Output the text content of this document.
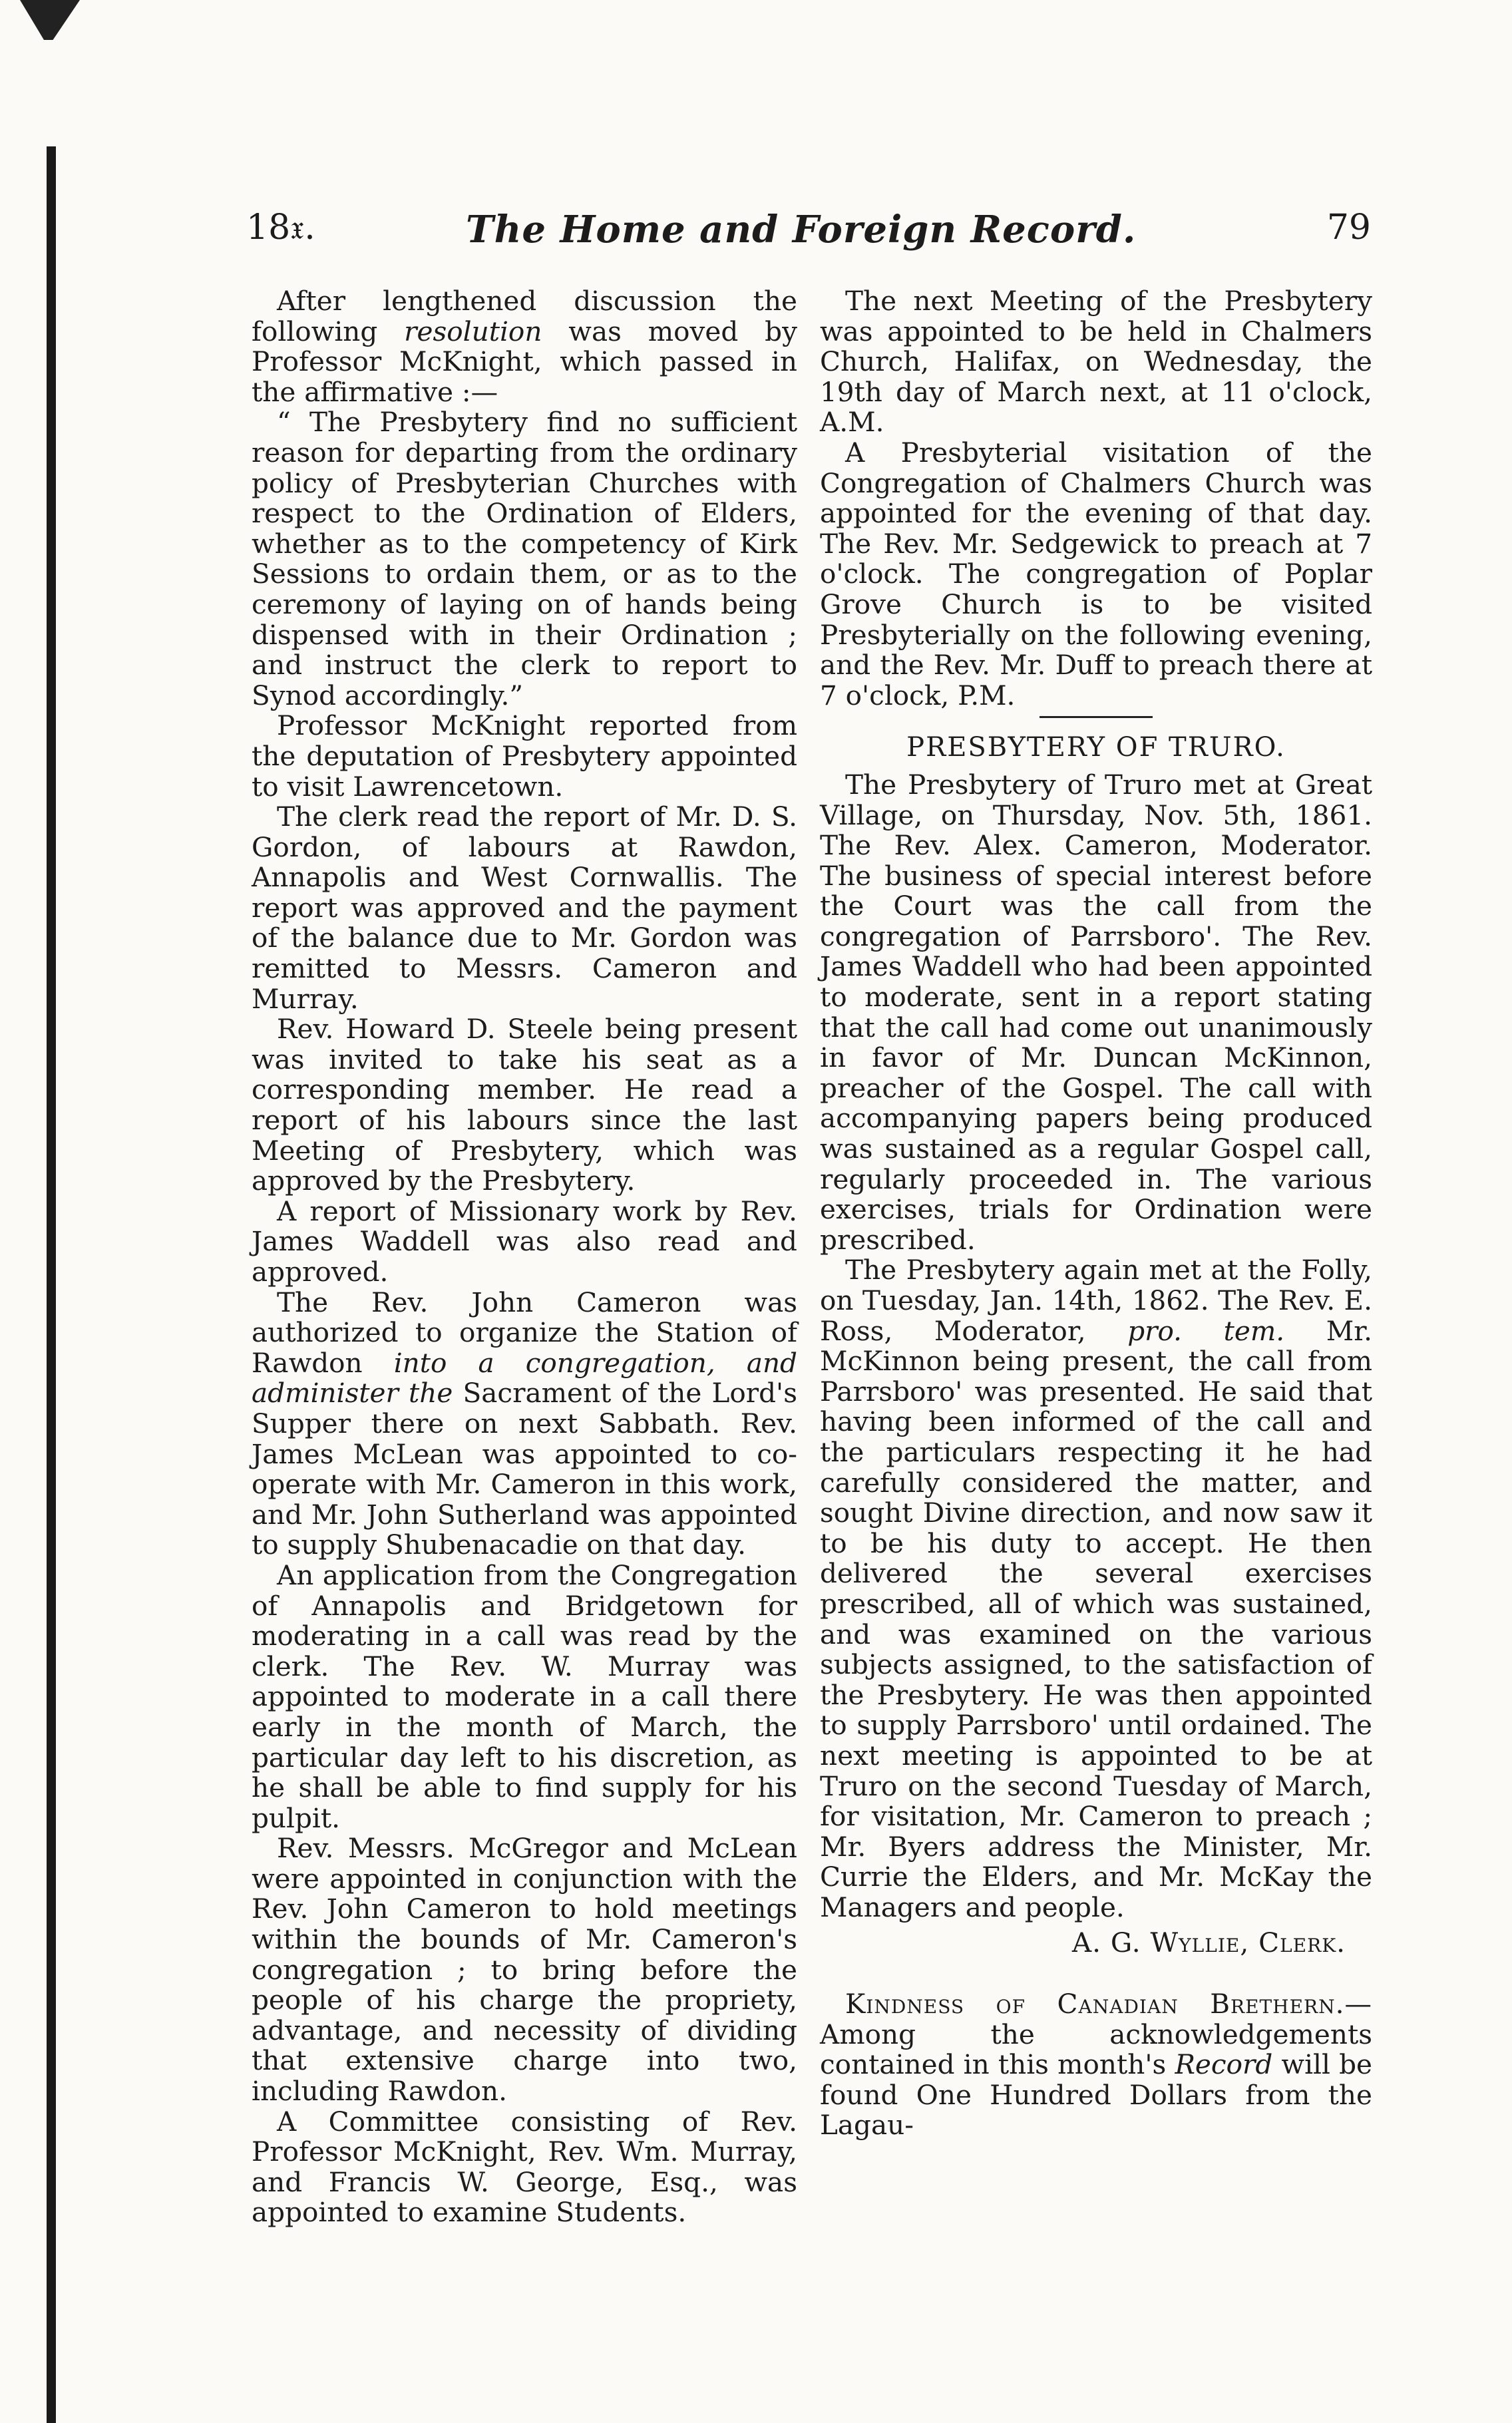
18𝔵.	The Home and Foreign Record.	79

After lengthened discussion the following resolution was moved by Professor McKnight, which passed in the affirmative :—

“ The Presbytery find no sufficient reason for departing from the ordinary policy of Presbyterian Churches with respect to the Ordination of Elders, whether as to the competency of Kirk Sessions to ordain them, or as to the ceremony of laying on of hands being dispensed with in their Ordination ; and instruct the clerk to report to Synod accordingly.”

Professor McKnight reported from the deputation of Presbytery appointed to visit Lawrencetown.

The clerk read the report of Mr. D. S. Gordon, of labours at Rawdon, Annapolis and West Cornwallis. The report was approved and the payment of the balance due to Mr. Gordon was remitted to Messrs. Cameron and Murray.

Rev. Howard D. Steele being present was invited to take his seat as a corresponding member. He read a report of his labours since the last Meeting of Presbytery, which was approved by the Presbytery.

A report of Missionary work by Rev. James Waddell was also read and approved.

The Rev. John Cameron was authorized to organize the Station of Rawdon into a congregation, and administer the Sacrament of the Lord's Supper there on next Sabbath. Rev. James McLean was appointed to co-operate with Mr. Cameron in this work, and Mr. John Sutherland was appointed to supply Shubenacadie on that day.

An application from the Congregation of Annapolis and Bridgetown for moderating in a call was read by the clerk. The Rev. W. Murray was appointed to moderate in a call there early in the month of March, the particular day left to his discretion, as he shall be able to find supply for his pulpit.

Rev. Messrs. McGregor and McLean were appointed in conjunction with the Rev. John Cameron to hold meetings within the bounds of Mr. Cameron's congregation ; to bring before the people of his charge the propriety, advantage, and necessity of dividing that extensive charge into two, including Rawdon.

A Committee consisting of Rev. Professor McKnight, Rev. Wm. Murray, and Francis W. George, Esq., was appointed to examine Students.

The next Meeting of the Presbytery was appointed to be held in Chalmers Church, Halifax, on Wednesday, the 19th day of March next, at 11 o'clock, A.M.

A Presbyterial visitation of the Congregation of Chalmers Church was appointed for the evening of that day. The Rev. Mr. Sedgewick to preach at 7 o'clock. The congregation of Poplar Grove Church is to be visited Presbyterially on the following evening, and the Rev. Mr. Duff to preach there at 7 o'clock, P.M.

PRESBYTERY OF TRURO.

The Presbytery of Truro met at Great Village, on Thursday, Nov. 5th, 1861. The Rev. Alex. Cameron, Moderator. The business of special interest before the Court was the call from the congregation of Parrsboro'. The Rev. James Waddell who had been appointed to moderate, sent in a report stating that the call had come out unanimously in favor of Mr. Duncan McKinnon, preacher of the Gospel. The call with accompanying papers being produced was sustained as a regular Gospel call, regularly proceeded in. The various exercises, trials for Ordination were prescribed.

The Presbytery again met at the Folly, on Tuesday, Jan. 14th, 1862. The Rev. E. Ross, Moderator, pro. tem. Mr. McKinnon being present, the call from Parrsboro' was presented. He said that having been informed of the call and the particulars respecting it he had carefully considered the matter, and sought Divine direction, and now saw it to be his duty to accept. He then delivered the several exercises prescribed, all of which was sustained, and was examined on the various subjects assigned, to the satisfaction of the Presbytery. He was then appointed to supply Parrsboro' until ordained. The next meeting is appointed to be at Truro on the second Tuesday of March, for visitation, Mr. Cameron to preach ; Mr. Byers address the Minister, Mr. Currie the Elders, and Mr. McKay the Managers and people.

A. G. Wyllie, Clerk.

Kindness of Canadian Brethern.— Among the acknowledgements contained in this month's Record will be found One Hundred Dollars from the Lagau-
